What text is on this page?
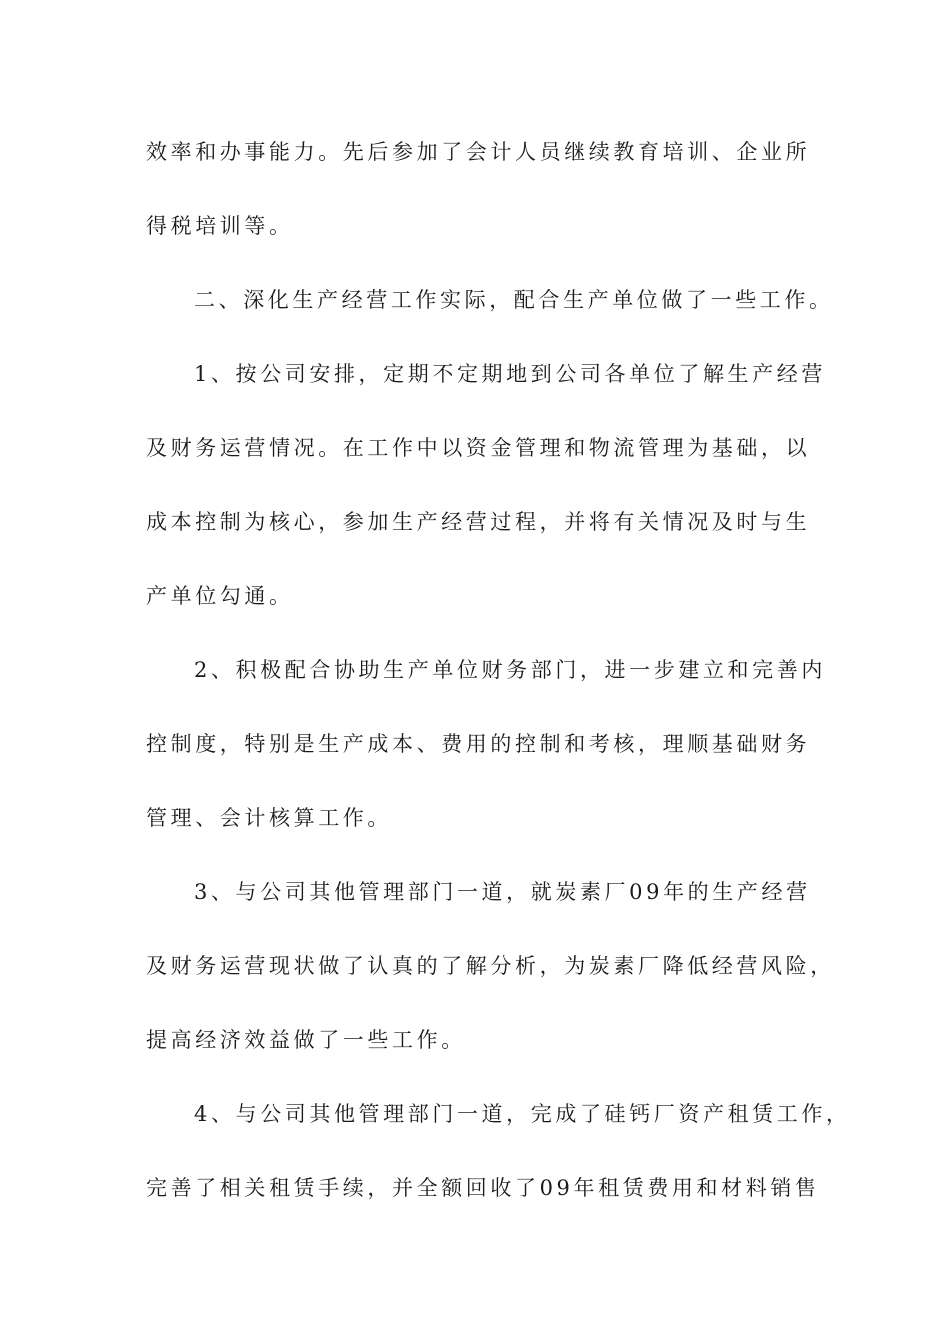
效率和办事能力。先后参加了会计人员继续教育培训、企业所
得税培训等。
二、深化生产经营工作实际，配合生产单位做了一些工作。
1、按公司安排，定期不定期地到公司各单位了解生产经营
及财务运营情况。在工作中以资金管理和物流管理为基础，以
成本控制为核心，参加生产经营过程，并将有关情况及时与生
产单位勾通。
2、积极配合协助生产单位财务部门，进一步建立和完善内
控制度，特别是生产成本、费用的控制和考核，理顺基础财务
管理、会计核算工作。
3、与公司其他管理部门一道，就炭素厂09年的生产经营
及财务运营现状做了认真的了解分析，为炭素厂降低经营风险，
提高经济效益做了一些工作。
4、与公司其他管理部门一道，完成了硅钙厂资产租赁工作，
完善了相关租赁手续，并全额回收了09年租赁费用和材料销售
